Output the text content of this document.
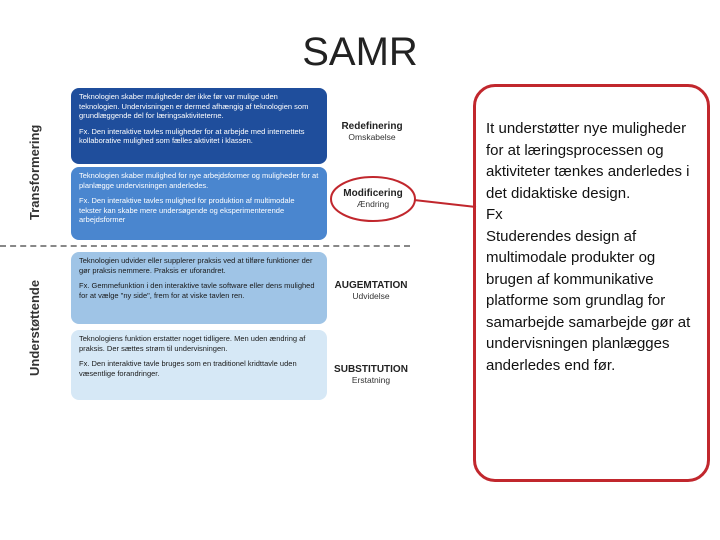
SAMR
Transformering
Understøttende

Teknologien skaber muligheder der ikke før var mulige uden teknologien. Undervisningen er dermed afhængig af teknologien som grundlæggende del for læringsaktiviteterne.

Fx. Den interaktive tavles muligheder for at arbejde med internettets kollaborative mulighed som fælles aktivitet i klassen.

Teknologien skaber mulighed for nye arbejdsformer og muligheder for at planlægge undervisningen anderledes.

Fx. Den interaktive tavles mulighed for produktion af multimodale tekster kan skabe mere undersøgende og eksperimenterende arbejdsformer

Teknologien udvider eller supplerer praksis ved at tilføre funktioner der gør praksis nemmere. Praksis er uforandret.

Fx. Gemmefunktion i den interaktive tavle software eller dens mulighed for at vælge "ny side", frem for at viske tavlen ren.

Teknologiens funktion erstatter noget tidligere. Men uden ændring af praksis. Der sættes strøm til undervisningen.

Fx. Den interaktive tavle bruges som en traditionel kridttavle uden væsentlige forandringer.

Redefinering
Omskabelse
Modificering
Ændring
AUGEMTATION
Udvidelse
SUBSTITUTION
Erstatning

It understøtter nye muligheder for at læringsprocessen og aktiviteter tænkes anderledes i det didaktiske design.

Fx

Studerendes design af multimodale produkter og brugen af kommunikative platforme som grundlag for samarbejde samarbejde gør at undervisningen planlægges anderledes end før.
